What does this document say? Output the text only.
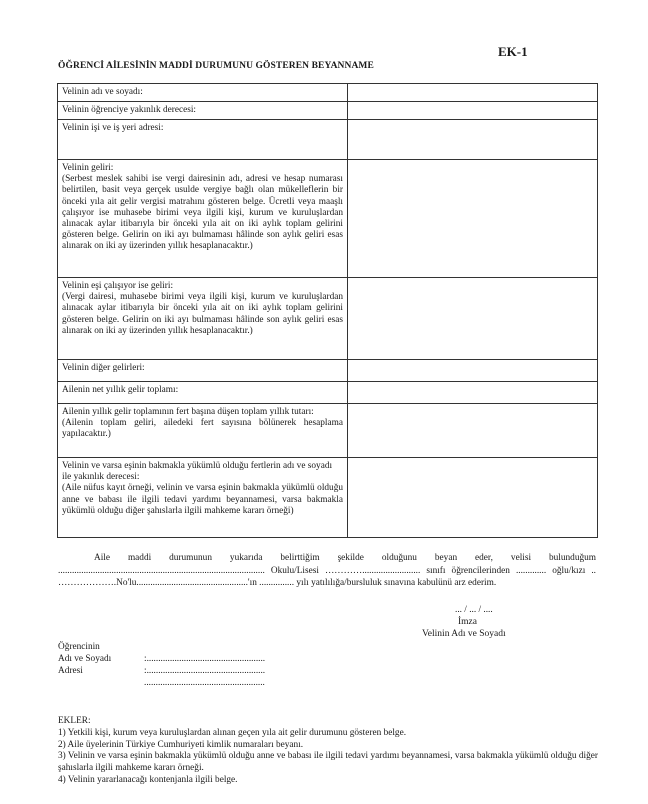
EK-1
ÖĞRENCİ AİLESİNİN MADDİ DURUMUNU GÖSTEREN BEYANNAME
Velinin adı ve soyadı:	

Velinin öğrenciye yakınlık derecesi:	

Velinin işi ve iş yeri adresi:	

Velinin geliri:
(Serbest meslek sahibi ise vergi dairesinin adı, adresi ve hesap numarası belirtilen, basit veya gerçek usulde vergiye bağlı olan mükelleflerin bir önceki yıla ait gelir vergisi matrahını gösteren belge. Ücretli veya maaşlı çalışıyor ise muhasebe birimi veya ilgili kişi, kurum ve kuruluşlardan alınacak aylar itibarıyla bir önceki yıla ait on iki aylık toplam gelirini gösteren belge. Gelirin on iki ayı bulmaması hâlinde son aylık geliri esas alınarak on iki ay üzerinden yıllık hesaplanacaktır.)	

Velinin eşi çalışıyor ise geliri:
(Vergi dairesi, muhasebe birimi veya ilgili kişi, kurum ve kuruluşlardan alınacak aylar itibarıyla bir önceki yıla ait on iki aylık toplam gelirini gösteren belge. Gelirin on iki ayı bulmaması hâlinde son aylık geliri esas alınarak on iki ay üzerinden yıllık hesaplanacaktır.)	

Velinin diğer gelirleri:	

Ailenin net yıllık gelir toplamı:	

Ailenin yıllık gelir toplamının fert başına düşen toplam yıllık tutarı:
(Ailenin toplam geliri, ailedeki fert sayısına bölünerek hesaplama yapılacaktır.)	

Velinin ve varsa eşinin bakmakla yükümlü olduğu fertlerin adı ve soyadı ile yakınlık derecesi:
(Aile nüfus kayıt örneği, velinin ve varsa eşinin bakmakla yükümlü olduğu anne ve babası ile ilgili tedavi yardımı beyannamesi, varsa bakmakla yükümlü olduğu diğer şahıslarla ilgili mahkeme kararı örneği)	

Aile maddi durumunun yukarıda belirttiğim şekilde olduğunu beyan eder, velisi bulunduğum ......................................................................................... Okulu/Lisesi …………......................... sınıfı öğrencilerinden ............. oğlu/kızı .. ……………….No'lu................................................'ın ............... yılı yatılılığa/bursluluk sınavına kabulünü arz ederim.
... / ... / ....
İmza
Velinin Adı ve Soyadı
Öğrencinin
Adı ve Soyadı	:...................................................
Adresi	:...................................................
....................................................
EKLER:
1) Yetkili kişi, kurum veya kuruluşlardan alınan geçen yıla ait gelir durumunu gösteren belge.
2) Aile üyelerinin Türkiye Cumhuriyeti kimlik numaraları beyanı.
3) Velinin ve varsa eşinin bakmakla yükümlü olduğu anne ve babası ile ilgili tedavi yardımı beyannamesi, varsa bakmakla yükümlü olduğu diğer şahıslarla ilgili mahkeme kararı örneği.
4) Velinin yararlanacağı kontenjanla ilgili belge.
